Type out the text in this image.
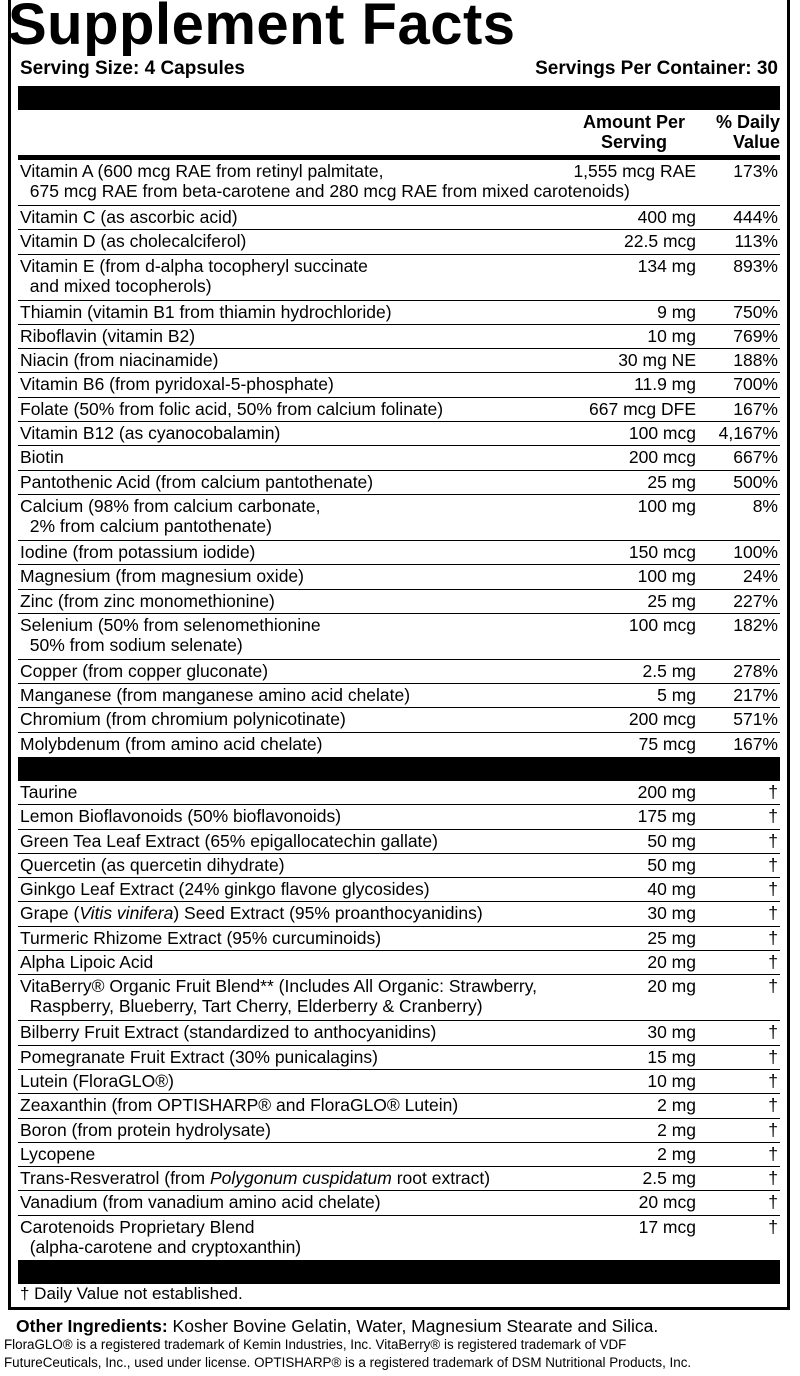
Supplement Facts
Serving Size: 4 Capsules	Servings Per Container: 30
Amount Per
Serving
% Daily
Value
Vitamin A (600 mcg RAE from retinyl palmitate,
675 mcg RAE from beta-carotene and 280 mcg RAE from mixed carotenoids)
1,555 mcg RAE 173%
Vitamin C (as ascorbic acid)	400 mg 444%
Vitamin D (as cholecalciferol)	22.5 mcg 113%
Vitamin E (from d-alpha tocopheryl succinate
and mixed tocopherols)
134 mg 893%
Thiamin (vitamin B1 from thiamin hydrochloride)	9 mg 750%
Riboflavin (vitamin B2)	10 mg 769%
Niacin (from niacinamide)	30 mg NE 188%
Vitamin B6 (from pyridoxal-5-phosphate)	11.9 mg 700%
Folate (50% from folic acid, 50% from calcium folinate)	667 mcg DFE 167%
Vitamin B12 (as cyanocobalamin)	100 mcg 4,167%
Biotin	200 mcg 667%
Pantothenic Acid (from calcium pantothenate)	25 mg 500%
Calcium (98% from calcium carbonate,
2% from calcium pantothenate)
100 mg	8%
Iodine (from potassium iodide)	150 mcg 100%
Magnesium (from magnesium oxide)	100 mg	24%
Zinc (from zinc monomethionine)	25 mg 227%
Selenium (50% from selenomethionine
50% from sodium selenate)
100 mcg 182%
Copper (from copper gluconate)	2.5 mg 278%
Manganese (from manganese amino acid chelate)	5 mg 217%
Chromium (from chromium polynicotinate)	200 mcg 571%
Molybdenum (from amino acid chelate)	75 mcg 167%
Taurine	200 mg	†
Lemon Bioflavonoids (50% bioflavonoids)	175 mg	†
Green Tea Leaf Extract (65% epigallocatechin gallate)	50 mg	†
Quercetin (as quercetin dihydrate)	50 mg	†
Ginkgo Leaf Extract (24% ginkgo flavone glycosides)	40 mg	†
Grape (Vitis vinifera) Seed Extract (95% proanthocyanidins)	30 mg	†
Turmeric Rhizome Extract (95% curcuminoids)	25 mg	†
Alpha Lipoic Acid	20 mg	†
VitaBerry® Organic Fruit Blend** (Includes All Organic: Strawberry,
Raspberry, Blueberry, Tart Cherry, Elderberry & Cranberry)
20 mg	†
Bilberry Fruit Extract (standardized to anthocyanidins)	30 mg	†
Pomegranate Fruit Extract (30% punicalagins)	15 mg	†
Lutein (FloraGLO®)	10 mg	†
Zeaxanthin (from OPTISHARP® and FloraGLO® Lutein)	2 mg	†
Boron (from protein hydrolysate)	2 mg	†
Lycopene	2 mg	†
Trans-Resveratrol (from Polygonum cuspidatum root extract)	2.5 mg	†
Vanadium (from vanadium amino acid chelate)	20 mcg	†
Carotenoids Proprietary Blend
(alpha-carotene and cryptoxanthin)
17 mcg	†
† Daily Value not established.
Other Ingredients: Kosher Bovine Gelatin, Water, Magnesium Stearate and Silica.
FloraGLO® is a registered trademark of Kemin Industries, Inc. VitaBerry® is registered trademark of VDF
FutureCeuticals, Inc., used under license. OPTISHARP® is a registered trademark of DSM Nutritional Products, Inc.
